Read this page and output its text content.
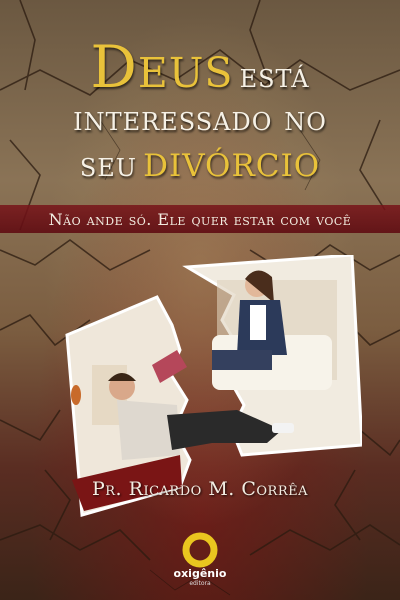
Deus está
interessado no
seu divórcio
Não ande só. Ele quer estar com você
Pr. Ricardo M. Corrêa
oxigênio
editora
